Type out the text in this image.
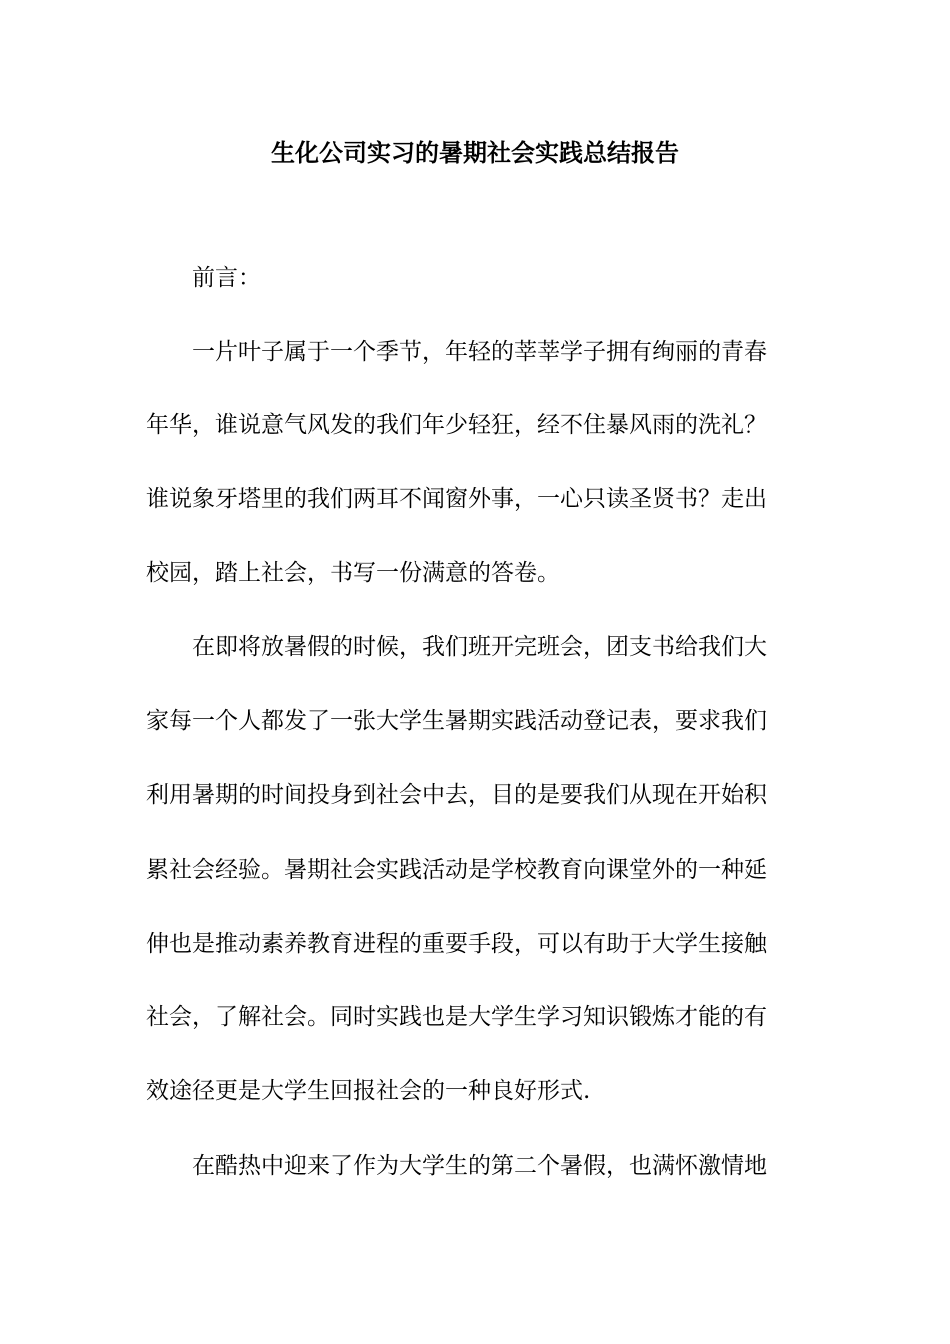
生化公司实习的暑期社会实践总结报告

前言：

一片叶子属于一个季节，年轻的莘莘学子拥有绚丽的青春

年华，谁说意气风发的我们年少轻狂，经不住暴风雨的洗礼？

谁说象牙塔里的我们两耳不闻窗外事，一心只读圣贤书？走出

校园，踏上社会，书写一份满意的答卷。

在即将放暑假的时候，我们班开完班会，团支书给我们大

家每一个人都发了一张大学生暑期实践活动登记表，要求我们

利用暑期的时间投身到社会中去，目的是要我们从现在开始积

累社会经验。暑期社会实践活动是学校教育向课堂外的一种延

伸也是推动素养教育进程的重要手段，可以有助于大学生接触

社会，了解社会。同时实践也是大学生学习知识锻炼才能的有

效途径更是大学生回报社会的一种良好形式.

在酷热中迎来了作为大学生的第二个暑假，也满怀激情地
